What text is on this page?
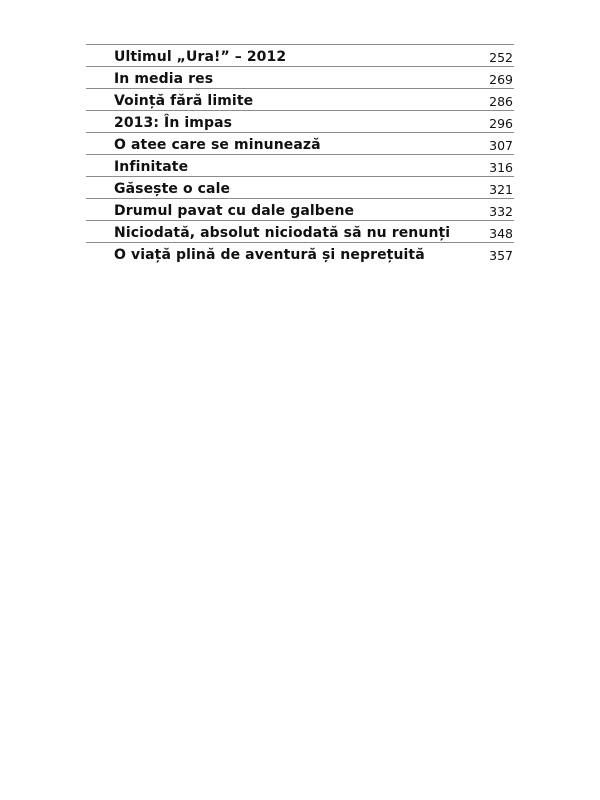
Ultimul „Ura!” – 2012	252
In media res	269
Voință fără limite	286
2013: În impas	296
O atee care se minunează	307
Infinitate	316
Găsește o cale	321
Drumul pavat cu dale galbene	332
Niciodată, absolut niciodată să nu renunți	348
O viață plină de aventură și neprețuită	357
